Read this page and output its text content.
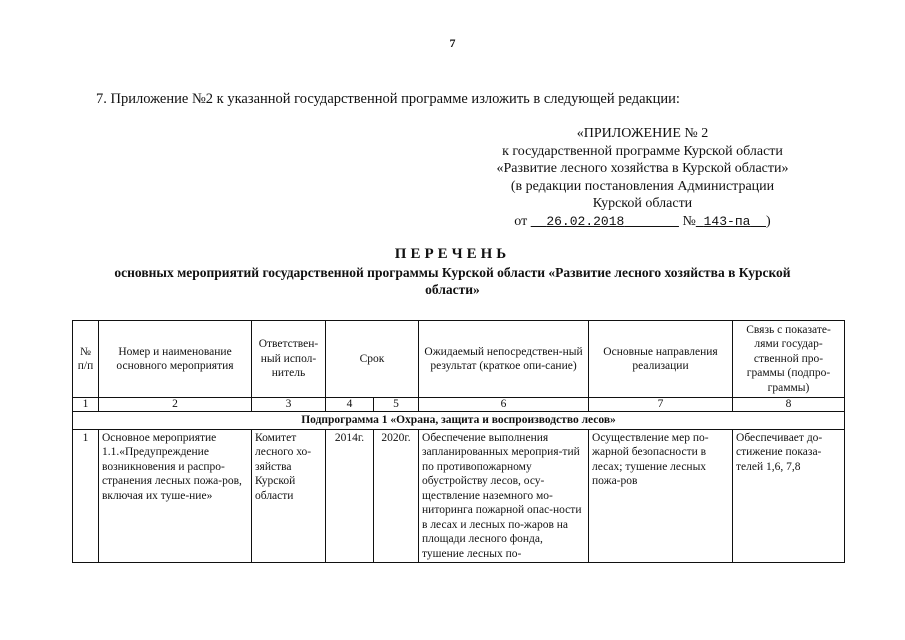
7
7. Приложение №2 к указанной государственной программе изложить в следующей редакции:
«ПРИЛОЖЕНИЕ № 2
к государственной программе Курской области
«Развитие лесного хозяйства в Курской области»
(в редакции постановления Администрации
Курской области
от 26.02.2018	№ 143-па )
ПЕРЕЧЕНЬ
основных мероприятий государственной программы Курской области «Развитие лесного хозяйства в Курской области»
№ п/п	Номер и наименование основного мероприятия	Ответствен-ный испол-нитель	Срок		Ожидаемый непосредствен-ный результат (краткое опи-сание)	Основные направления реализации	Связь с показате-лями государ-ственной про-граммы (подпро-граммы)
1	2	3	4	5	6	7	8
Подпрограмма 1 «Охрана, защита и воспроизводство лесов»							
1	Основное мероприятие 1.1.«Предупреждение возникновения и распро-странения лесных пожа-ров, включая их туше-ние»	Комитет лесного хо-зяйства Курской области	2014г.	2020г.	Обеспечение выполнения запланированных мероприя-тий по противопожарному обустройству лесов, осу-ществление наземного мо-ниторинга пожарной опас-ности в лесах и лесных по-жаров на площади лесного фонда, тушение лесных по-	Осуществление мер по-жарной безопасности в лесах; тушение лесных пожа-ров	Обеспечивает до-стижение показа-телей 1,6, 7,8
